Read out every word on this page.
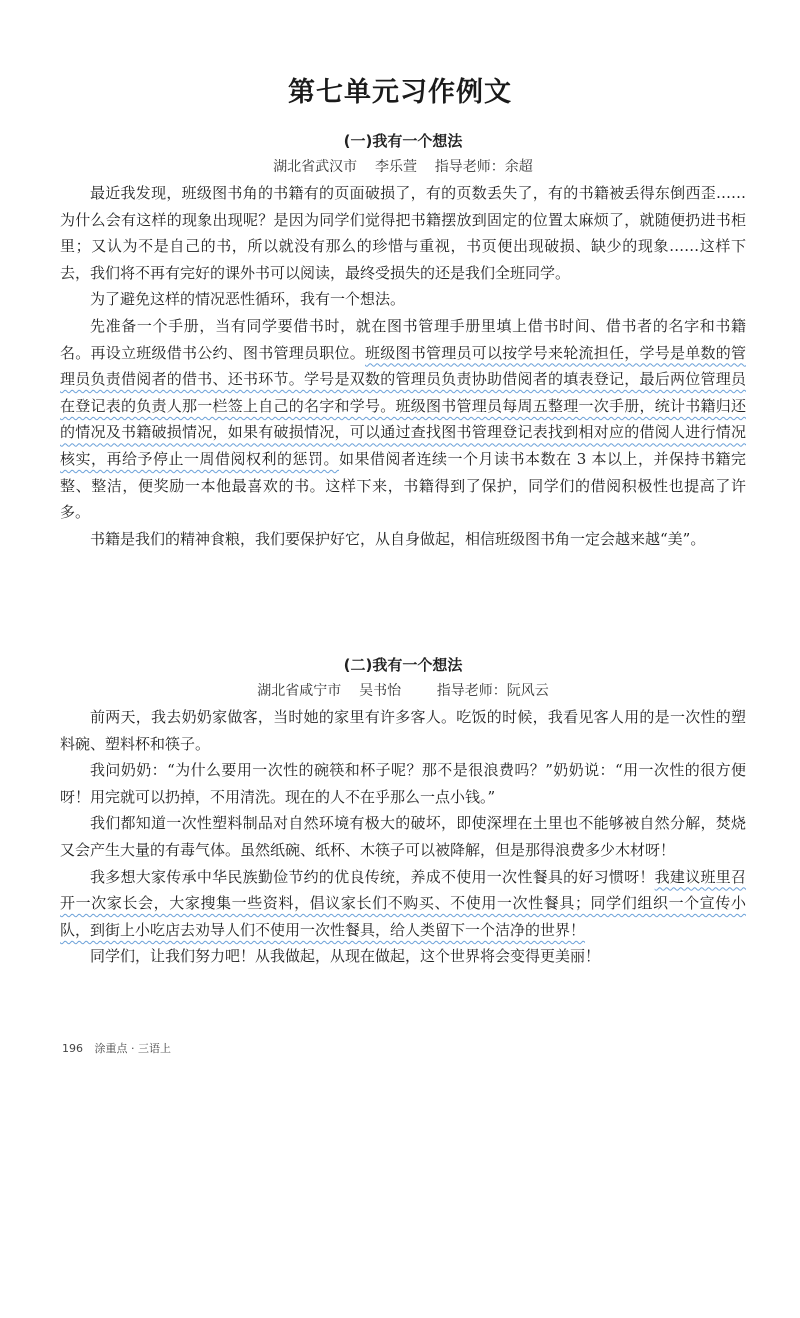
第七单元习作例文
(一)我有一个想法
湖北省武汉市    李乐萱    指导老师：余超

最近我发现，班级图书角的书籍有的页面破损了，有的页数丢失了，有的书籍被丢得东倒西歪……为什么会有这样的现象出现呢？是因为同学们觉得把书籍摆放到固定的位置太麻烦了，就随便扔进书柜里；又认为不是自己的书，所以就没有那么的珍惜与重视，书页便出现破损、缺少的现象……这样下去，我们将不再有完好的课外书可以阅读，最终受损失的还是我们全班同学。

为了避免这样的情况恶性循环，我有一个想法。

先准备一个手册，当有同学要借书时，就在图书管理手册里填上借书时间、借书者的名字和书籍名。再设立班级借书公约、图书管理员职位。班级图书管理员可以按学号来轮流担任，学号是单数的管理员负责借阅者的借书、还书环节。学号是双数的管理员负责协助借阅者的填表登记，最后两位管理员在登记表的负责人那一栏签上自己的名字和学号。班级图书管理员每周五整理一次手册，统计书籍归还的情况及书籍破损情况，如果有破损情况，可以通过查找图书管理登记表找到相对应的借阅人进行情况核实，再给予停止一周借阅权利的惩罚。如果借阅者连续一个月读书本数在 3 本以上，并保持书籍完整、整洁，便奖励一本他最喜欢的书。这样下来，书籍得到了保护，同学们的借阅积极性也提高了许多。

书籍是我们的精神食粮，我们要保护好它，从自身做起，相信班级图书角一定会越来越“美”。

(二)我有一个想法
湖北省咸宁市    吴书怡        指导老师：阮风云

前两天，我去奶奶家做客，当时她的家里有许多客人。吃饭的时候，我看见客人用的是一次性的塑料碗、塑料杯和筷子。

我问奶奶：“为什么要用一次性的碗筷和杯子呢？那不是很浪费吗？”奶奶说：“用一次性的很方便呀！用完就可以扔掉，不用清洗。现在的人不在乎那么一点小钱。”

我们都知道一次性塑料制品对自然环境有极大的破坏，即使深埋在土里也不能够被自然分解，焚烧又会产生大量的有毒气体。虽然纸碗、纸杯、木筷子可以被降解，但是那得浪费多少木材呀！

我多想大家传承中华民族勤俭节约的优良传统，养成不使用一次性餐具的好习惯呀！我建议班里召开一次家长会，大家搜集一些资料，倡议家长们不购买、不使用一次性餐具；同学们组织一个宣传小队，到街上小吃店去劝导人们不使用一次性餐具，给人类留下一个洁净的世界！

同学们，让我们努力吧！从我做起，从现在做起，这个世界将会变得更美丽！

196 涂重点 · 三语上
